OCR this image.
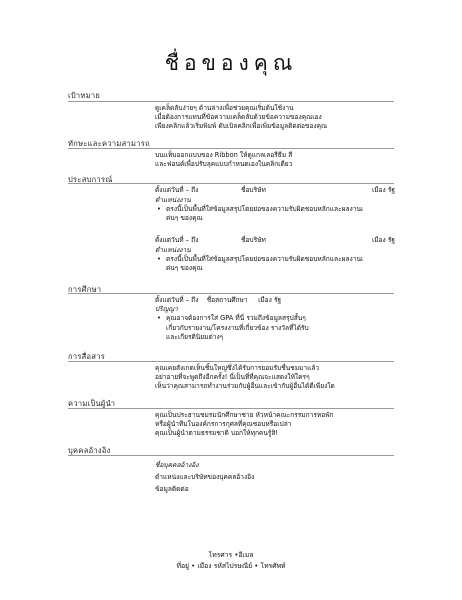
ชื่อของคุณ
เป้าหมาย
ดูเคล็ดลับง่ายๆ ด้านล่างเพื่อช่วยคุณเริ่มต้นใช้งาน
เมื่อต้องการแทนที่ข้อความเคล็ดลับด้วยข้อความของคุณเอง
เพียงคลิกแล้วเริ่มพิมพ์ ดับเบิลคลิกเพื่อเพิ่มข้อมูลติดต่อของคุณ
ทักษะและความสามารถ
บนแท็บออกแบบของ Ribbon ให้ดูแกลเลอรีธีม สี
และฟอนต์เพื่อปรับลุคแบบกำหนดเองในคลิกเดียว
ประสบการณ์
ตั้งแต่วันที่ – ถึง	ชื่อบริษัท	เมือง รัฐ
ตำแหน่งงาน
• ตรงนี้เป็นพื้นที่ใส่ข้อมูลสรุปโดยย่อของความรับผิดชอบหลักและผลงานเ
ด่นๆ ของคุณ
ตั้งแต่วันที่ – ถึง	ชื่อบริษัท	เมือง รัฐ
ตำแหน่งงาน
• ตรงนี้เป็นพื้นที่ใส่ข้อมูลสรุปโดยย่อของความรับผิดชอบหลักและผลงานเ
ด่นๆ ของคุณ
การศึกษา
ตั้งแต่วันที่ – ถึง ชื่อสถานศึกษา เมือง รัฐ
ปริญญา
• คุณอาจต้องการใส่ GPA ที่นี่ รวมถึงข้อมูลสรุปสั้นๆ
เกี่ยวกับรายงาน/โครงงานที่เกี่ยวข้อง รางวัลที่ได้รับ
และเกียรตินิยมต่างๆ
การสื่อสาร
คุณเคยสังเกตเห็นชิ้นใหญ่ซึ่งได้รับการยอมรับชื่นชมมาแล้ว
อย่าอายที่จะพูดถึงอีกครั้ง! นี่เป็นที่ที่คุณจะแสดงให้ใครๆ
เห็นว่าคุณสามารถทำงานร่วมกับผู้อื่นและเข้ากับผู้อื่นได้ดีเพียงใด
ความเป็นผู้นำ
คุณเป็นประธานชมรมนักศึกษาชาย หัวหน้าคณะกรรมการหอพัก
หรือผู้นำทีมในองค์กรการกุศลที่คุณชอบหรือเปล่า
คุณเป็นผู้นำตามธรรมชาติ บอกให้ทุกคนรู้สิ!
บุคคลอ้างอิง
ชื่อบุคคลอ้างอิง
ตำแหน่งและบริษัทของบุคคลอ้างอิง
ข้อมูลติดต่อ
โทรศาร •อีเมล
ที่อยู่ • เมือง รหัสไปรษณีย์ • โทรศัพท์
